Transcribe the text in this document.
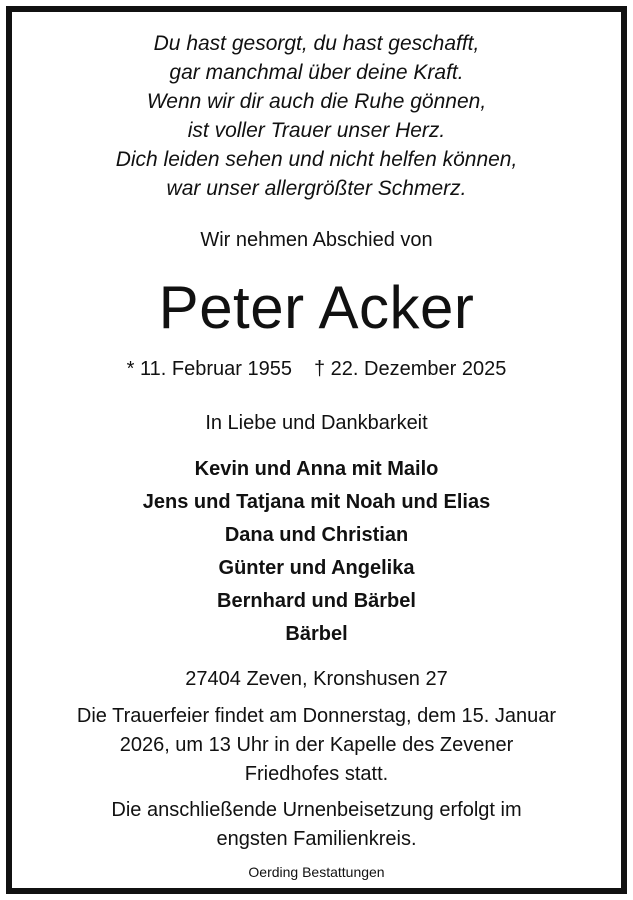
Du hast gesorgt, du hast geschafft,
gar manchmal über deine Kraft.
Wenn wir dir auch die Ruhe gönnen,
ist voller Trauer unser Herz.
Dich leiden sehen und nicht helfen können,
war unser allergrößter Schmerz.
Wir nehmen Abschied von
Peter Acker
* 11. Februar 1955 † 22. Dezember 2025
In Liebe und Dankbarkeit
Kevin und Anna mit Mailo
Jens und Tatjana mit Noah und Elias
Dana und Christian
Günter und Angelika
Bernhard und Bärbel
Bärbel
27404 Zeven, Kronshusen 27
Die Trauerfeier findet am Donnerstag, dem 15. Januar
2026, um 13 Uhr in der Kapelle des Zevener
Friedhofes statt.
Die anschließende Urnenbeisetzung erfolgt im
engsten Familienkreis.
Oerding Bestattungen
